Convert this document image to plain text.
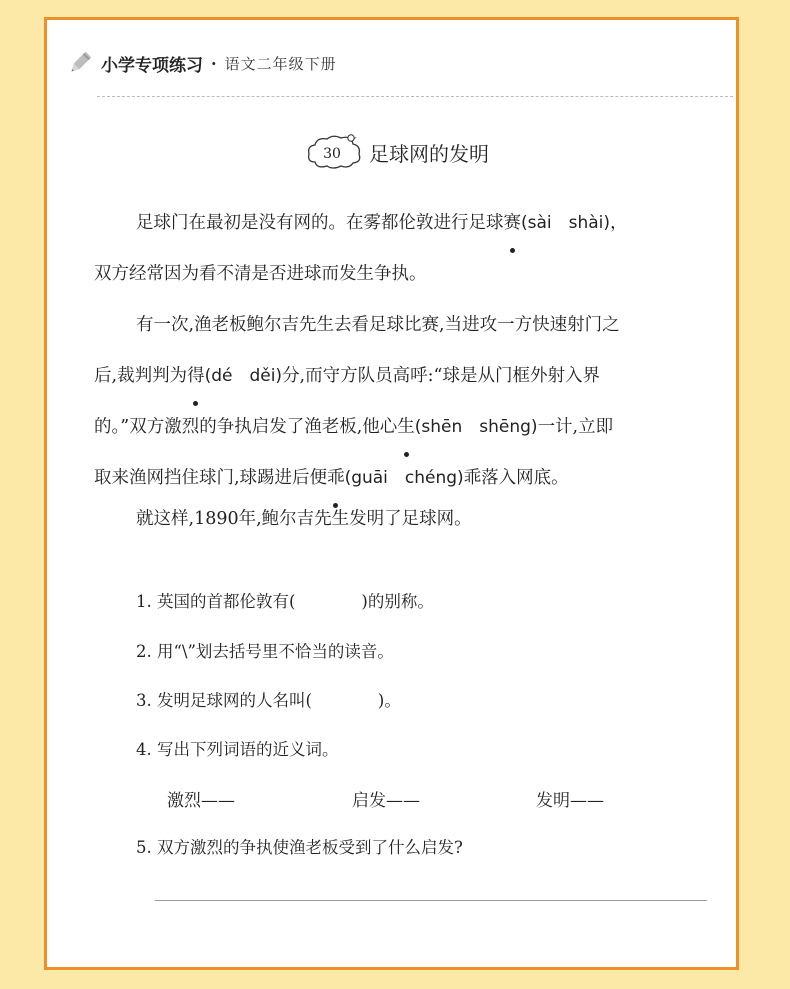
小学专项练习 · 语文二年级下册
30 足球网的发明

足球门在最初是没有网的。在雾都伦敦进行足球赛(sài　shài)，

双方经常因为看不清是否进球而发生争执。

有一次,渔老板鲍尔吉先生去看足球比赛,当进攻一方快速射门之

后,裁判判为得(dé　děi)分,而守方队员高呼:“球是从门框外射入界

的。”双方激烈的争执启发了渔老板,他心生(shēn　shēng)一计,立即

取来渔网挡住球门,球踢进后便乖(guāi　chéng)乖落入网底。

就这样,1890年,鲍尔吉先生发明了足球网。

1. 英国的首都伦敦有(　　　　)的别称。
2. 用“\”划去括号里不恰当的读音。
3. 发明足球网的人名叫(　　　　)。
4. 写出下列词语的近义词。
激烈——	启发——	发明——
5. 双方激烈的争执使渔老板受到了什么启发?
